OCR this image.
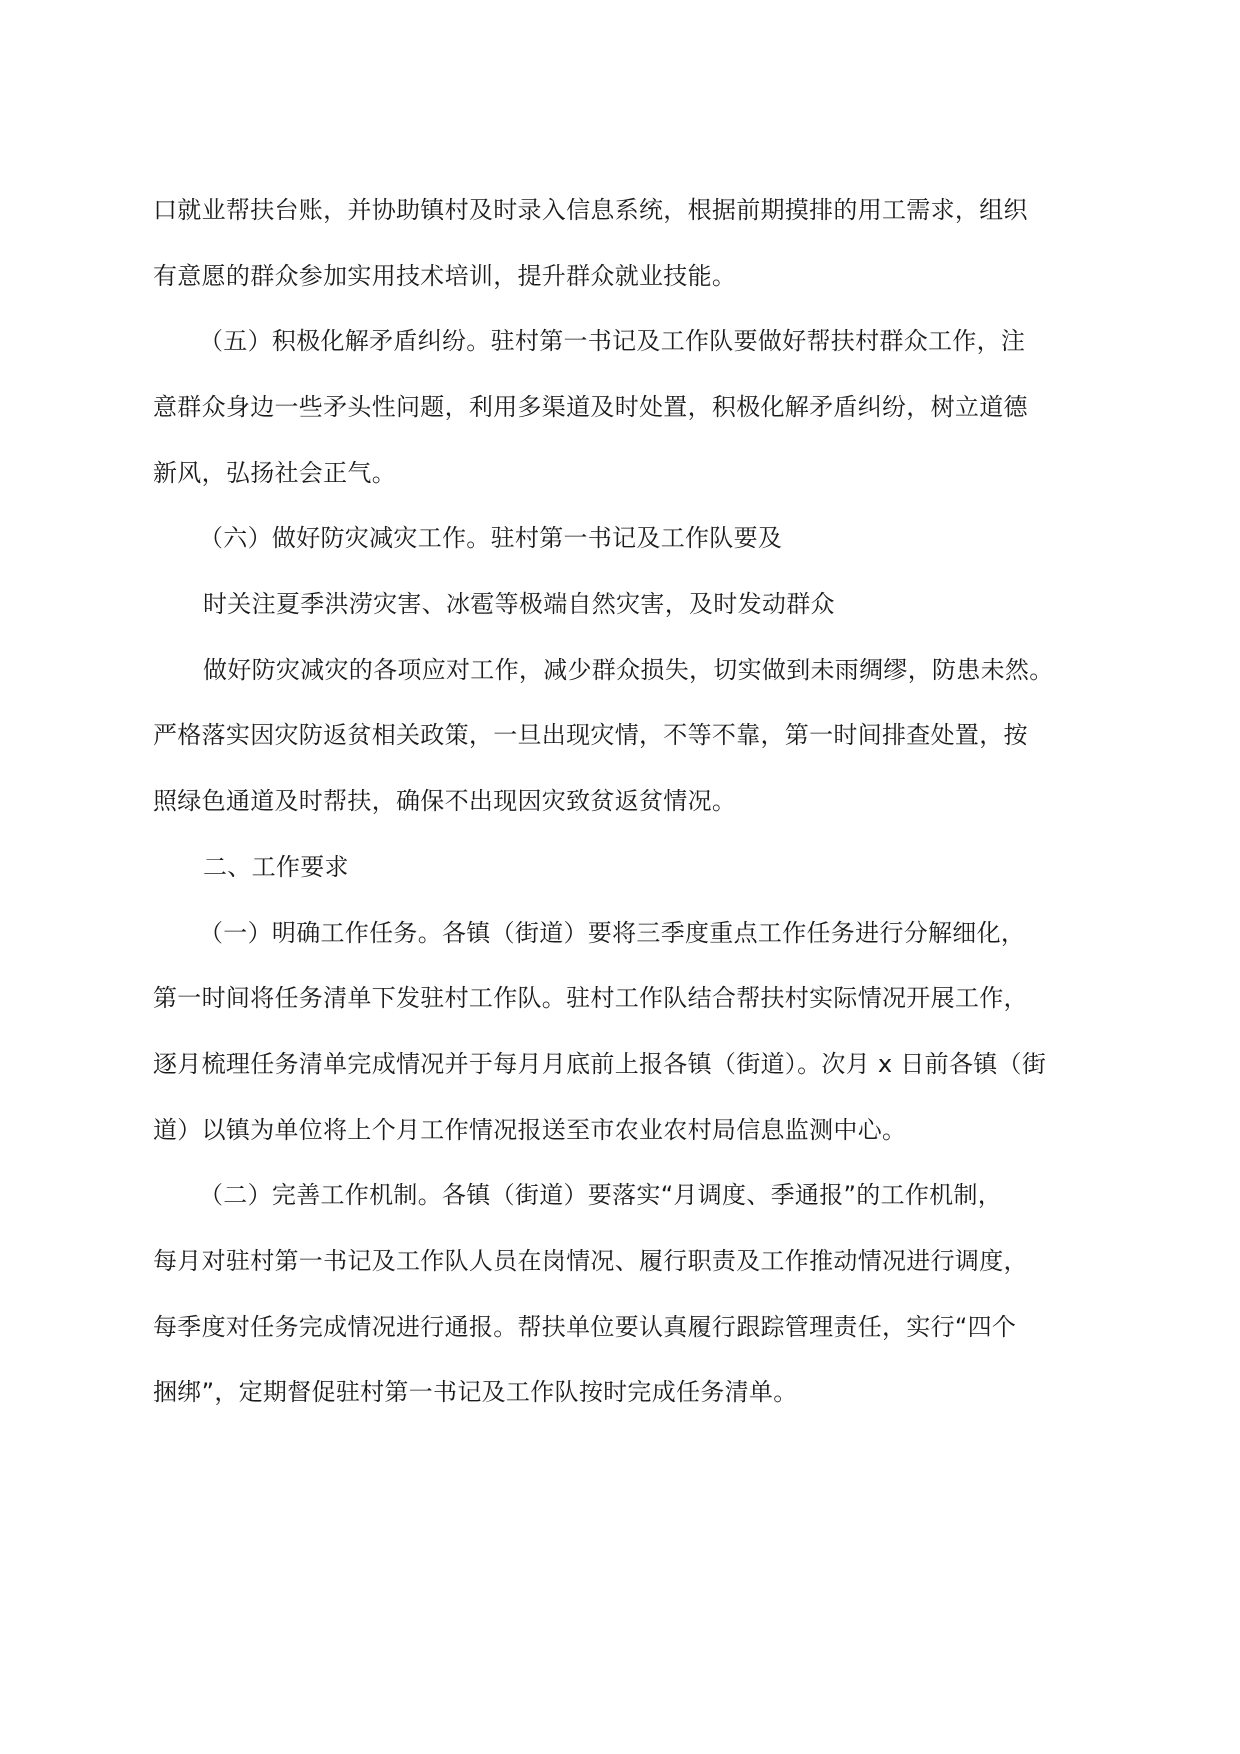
口就业帮扶台账，并协助镇村及时录入信息系统，根据前期摸排的用工需求，组织
有意愿的群众参加实用技术培训，提升群众就业技能。
（五）积极化解矛盾纠纷。驻村第一书记及工作队要做好帮扶村群众工作，注
意群众身边一些矛头性问题，利用多渠道及时处置，积极化解矛盾纠纷，树立道德
新风，弘扬社会正气。
（六）做好防灾减灾工作。驻村第一书记及工作队要及
时关注夏季洪涝灾害、冰雹等极端自然灾害，及时发动群众
做好防灾减灾的各项应对工作，减少群众损失，切实做到未雨绸缪，防患未然。
严格落实因灾防返贫相关政策，一旦出现灾情，不等不靠，第一时间排查处置，按
照绿色通道及时帮扶，确保不出现因灾致贫返贫情况。
二、工作要求
（一）明确工作任务。各镇（街道）要将三季度重点工作任务进行分解细化，
第一时间将任务清单下发驻村工作队。驻村工作队结合帮扶村实际情况开展工作，
逐月梳理任务清单完成情况并于每月月底前上报各镇（街道）。次月 x 日前各镇（街
道）以镇为单位将上个月工作情况报送至市农业农村局信息监测中心。
（二）完善工作机制。各镇（街道）要落实“月调度、季通报”的工作机制，
每月对驻村第一书记及工作队人员在岗情况、履行职责及工作推动情况进行调度，
每季度对任务完成情况进行通报。帮扶单位要认真履行跟踪管理责任，实行“四个
捆绑”，定期督促驻村第一书记及工作队按时完成任务清单。
